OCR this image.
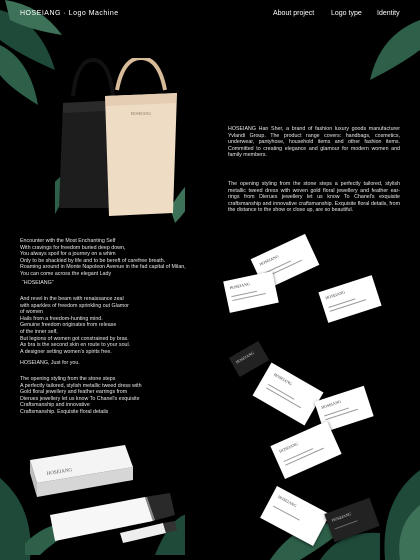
HOSEIANG · Logo Machine	About project Logo type Identity
HOSEIANG
HOSEIANG Han Sher, a brand of fashion luxury goods manufacturer Yvlandi Group. The product range covers: handbags, cosmetics, underwear, pantyhose, household items and other fashion items. Committed to creating elegance and glamour for modern women and family members.
The opening styling from the stone steps a perfectly tailored, stylish metallic tweed dress with woven gold floral jewellery and feather ear-rings from Dierues jewellery let us know To Chanel's exquisite craftsmanship and innovative craftsmanship. Exquisite floral details, from the distance to the show or close up, are so beautiful.
Encounter with the Most Enchanting Self
With cravings for freedom buried deep down,
You always spoil for a journey on a whim
Only to be shackled by life and to be bereft of carefree breath.
Roaming around in Monte Napoleon Avenue in the fad capital of Milan,
You can come across the elegant Lady
“HOSEIANG”
And revel in the beam with renaissance zeal
with sparkles of freedom sprinkling out Glamor
of women
Hails from a freedom-hunting mind.
Genuine freedom originates from release
of the inner self,
But legions of women got constrained by bras.
As bra is the second skin en route to your soul.
A designer setting women’s spirits free.
HOSEIANG, Just for you.
The opening styling from the stone steps
A perfectly tailored, stylish metallic tweed dress with
Gold floral jewellery and feather earrings from
Dierues jewellery let us know To Chanel's exquisite
Craftsmanship and innovative
Craftsmanship. Exquisite floral details
HOSEIANG
HOSEIANG
HOSEIANG
HOSEIANG
HOSEIANG
HOSEIANG
HOSEIANG
HOSEIANG
HOSEIANG
HOSEIANG
